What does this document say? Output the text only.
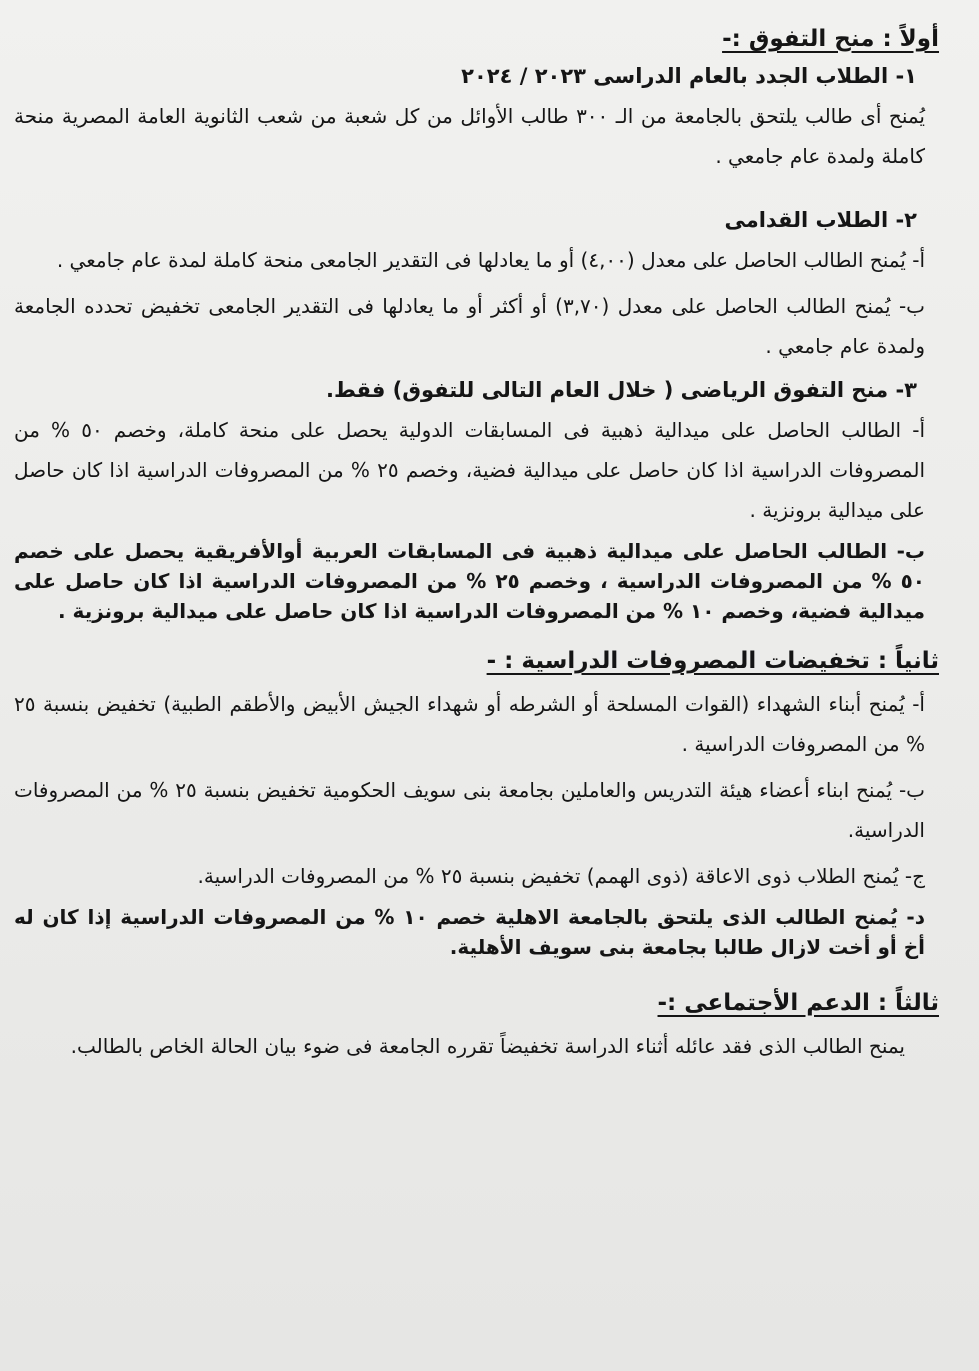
أولاً : منح التفوق :-
١- الطلاب الجدد بالعام الدراسى ٢٠٢٣ / ٢٠٢٤
يُمنح أى طالب يلتحق بالجامعة من الـ ٣٠٠ طالب الأوائل من كل شعبة من شعب الثانوية العامة المصرية منحة كاملة ولمدة عام جامعي .
٢- الطلاب القدامى
أ- يُمنح الطالب الحاصل على معدل (٤,٠٠) أو ما يعادلها فى التقدير الجامعى منحة كاملة لمدة عام جامعي .
ب- يُمنح الطالب الحاصل على معدل (٣,٧٠) أو أكثر أو ما يعادلها فى التقدير الجامعى تخفيض تحدده الجامعة ولمدة عام جامعي .
٣- منح التفوق الرياضى ( خلال العام التالى للتفوق) فقط.
أ- الطالب الحاصل على ميدالية ذهبية فى المسابقات الدولية يحصل على منحة كاملة، وخصم ٥٠ % من المصروفات الدراسية اذا كان حاصل على ميدالية فضية، وخصم ٢٥ % من المصروفات الدراسية اذا كان حاصل على ميدالية برونزية .
ب- الطالب الحاصل على ميدالية ذهبية فى المسابقات العربية أوالأفريقية يحصل على خصم ٥٠ % من المصروفات الدراسية ، وخصم ٢٥ % من المصروفات الدراسية اذا كان حاصل على ميدالية فضية، وخصم ١٠ % من المصروفات الدراسية اذا كان حاصل على ميدالية برونزية .
ثانياً : تخفيضات المصروفات الدراسية : -
أ- يُمنح أبناء الشهداء (القوات المسلحة أو الشرطه أو شهداء الجيش الأبيض والأطقم الطبية) تخفيض بنسبة ٢٥ % من المصروفات الدراسية .
ب- يُمنح ابناء أعضاء هيئة التدريس والعاملين بجامعة بنى سويف الحكومية تخفيض بنسبة ٢٥ % من المصروفات الدراسية.
ج- يُمنح الطلاب ذوى الاعاقة (ذوى الهمم) تخفيض بنسبة ٢٥ % من المصروفات الدراسية.
د- يُمنح الطالب الذى يلتحق بالجامعة الاهلية خصم ١٠ % من المصروفات الدراسية إذا كان له أخ أو أخت لازال طالبا بجامعة بنى سويف الأهلية.
ثالثاً : الدعم الأجتماعى :-
يمنح الطالب الذى فقد عائله أثناء الدراسة تخفيضاً تقرره الجامعة فى ضوء بيان الحالة الخاص بالطالب.
